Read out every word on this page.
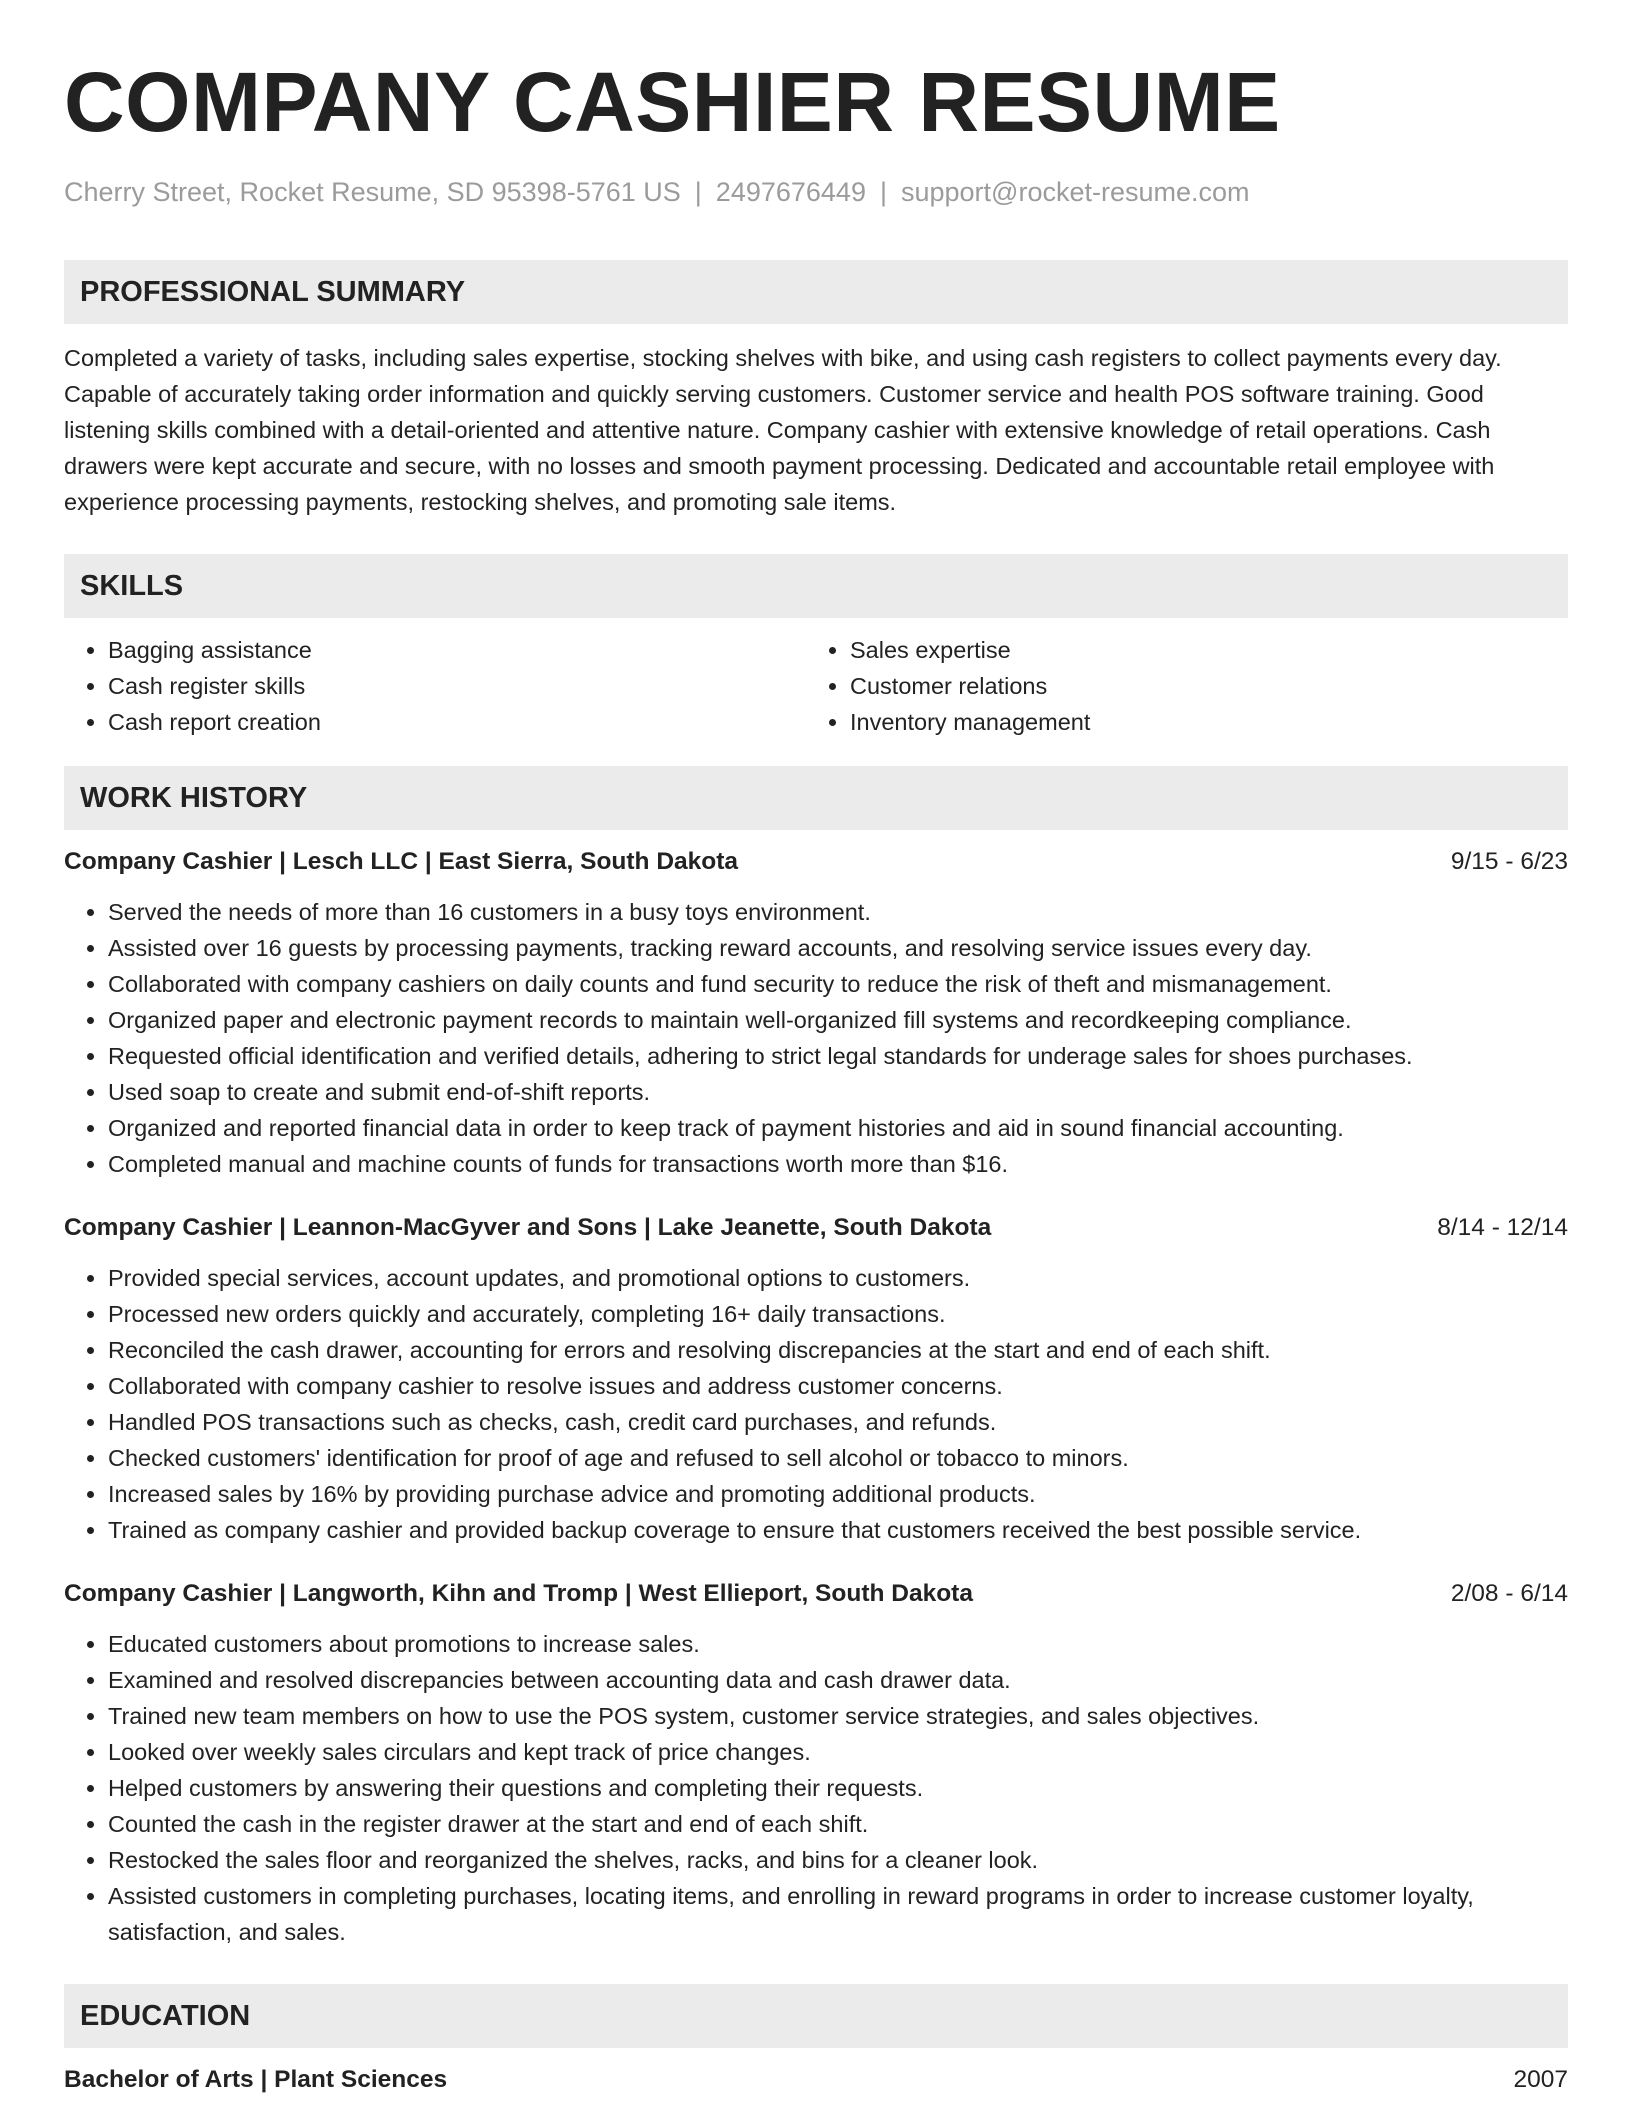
COMPANY CASHIER RESUME
Cherry Street, Rocket Resume, SD 95398-5761 US | 2497676449 | support@rocket-resume.com
PROFESSIONAL SUMMARY
Completed a variety of tasks, including sales expertise, stocking shelves with bike, and using cash registers to collect payments every day. Capable of accurately taking order information and quickly serving customers. Customer service and health POS software training. Good listening skills combined with a detail-oriented and attentive nature. Company cashier with extensive knowledge of retail operations. Cash drawers were kept accurate and secure, with no losses and smooth payment processing. Dedicated and accountable retail employee with experience processing payments, restocking shelves, and promoting sale items.
SKILLS
• Bagging assistance
• Cash register skills
• Cash report creation
• Sales expertise
• Customer relations
• Inventory management
WORK HISTORY
Company Cashier | Lesch LLC | East Sierra, South Dakota	9/15 - 6/23
• Served the needs of more than 16 customers in a busy toys environment.
• Assisted over 16 guests by processing payments, tracking reward accounts, and resolving service issues every day.
• Collaborated with company cashiers on daily counts and fund security to reduce the risk of theft and mismanagement.
• Organized paper and electronic payment records to maintain well-organized fill systems and recordkeeping compliance.
• Requested official identification and verified details, adhering to strict legal standards for underage sales for shoes purchases.
• Used soap to create and submit end-of-shift reports.
• Organized and reported financial data in order to keep track of payment histories and aid in sound financial accounting.
• Completed manual and machine counts of funds for transactions worth more than $16.
Company Cashier | Leannon-MacGyver and Sons | Lake Jeanette, South Dakota	8/14 - 12/14
• Provided special services, account updates, and promotional options to customers.
• Processed new orders quickly and accurately, completing 16+ daily transactions.
• Reconciled the cash drawer, accounting for errors and resolving discrepancies at the start and end of each shift.
• Collaborated with company cashier to resolve issues and address customer concerns.
• Handled POS transactions such as checks, cash, credit card purchases, and refunds.
• Checked customers' identification for proof of age and refused to sell alcohol or tobacco to minors.
• Increased sales by 16% by providing purchase advice and promoting additional products.
• Trained as company cashier and provided backup coverage to ensure that customers received the best possible service.
Company Cashier | Langworth, Kihn and Tromp | West Ellieport, South Dakota	2/08 - 6/14
• Educated customers about promotions to increase sales.
• Examined and resolved discrepancies between accounting data and cash drawer data.
• Trained new team members on how to use the POS system, customer service strategies, and sales objectives.
• Looked over weekly sales circulars and kept track of price changes.
• Helped customers by answering their questions and completing their requests.
• Counted the cash in the register drawer at the start and end of each shift.
• Restocked the sales floor and reorganized the shelves, racks, and bins for a cleaner look.
• Assisted customers in completing purchases, locating items, and enrolling in reward programs in order to increase customer loyalty, satisfaction, and sales.
EDUCATION
Bachelor of Arts | Plant Sciences	2007
